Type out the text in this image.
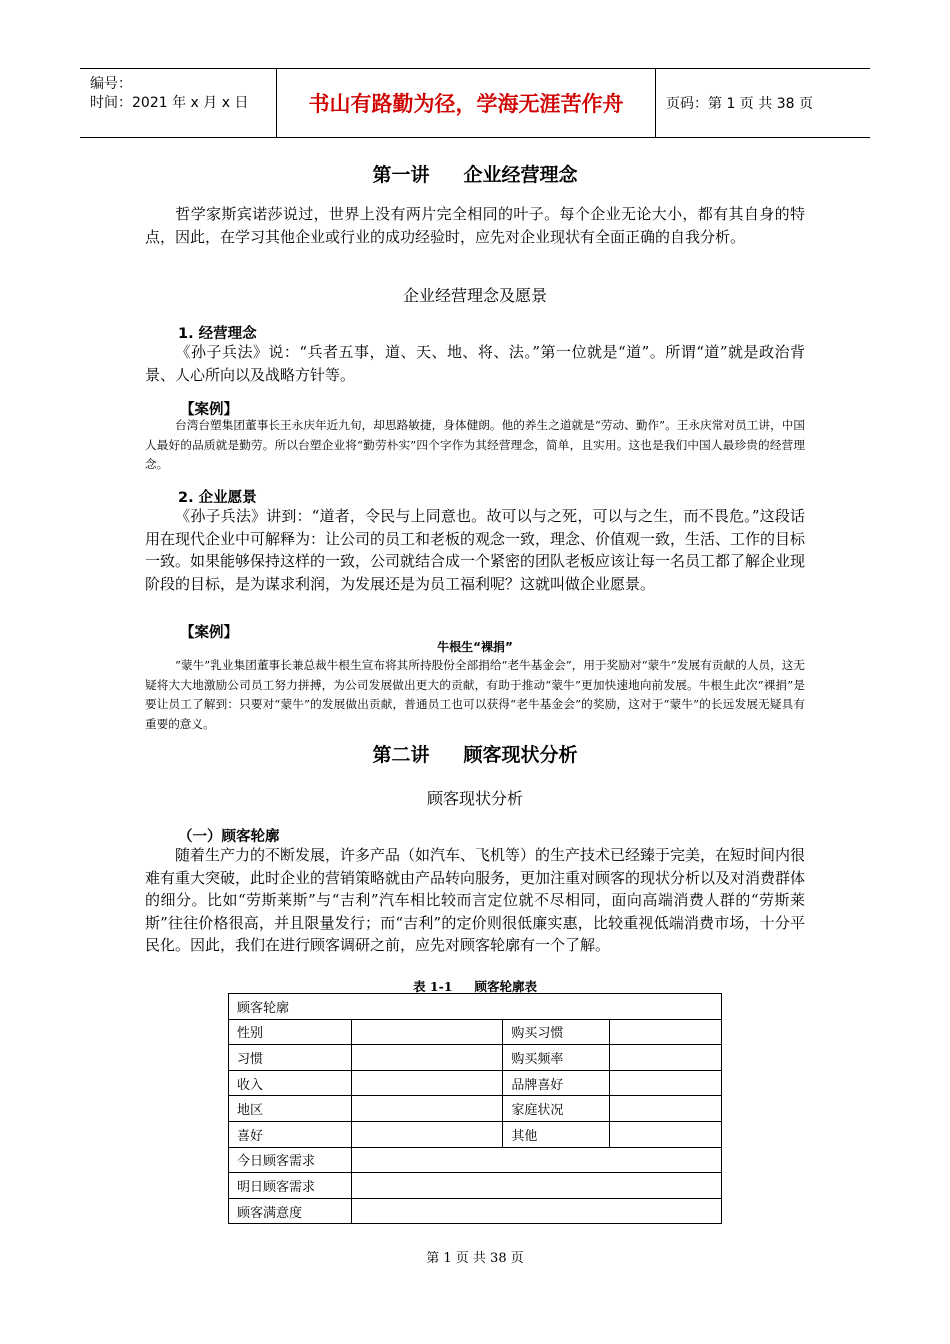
编号：
时间：2021 年 x 月 x 日	书山有路勤为径，学海无涯苦作舟	页码：第 1 页 共 38 页
第一讲 企业经营理念
哲学家斯宾诺莎说过，世界上没有两片完全相同的叶子。每个企业无论大小，都有其自身的特点，因此，在学习其他企业或行业的成功经验时，应先对企业现状有全面正确的自我分析。
企业经营理念及愿景
1. 经营理念
《孙子兵法》说：“兵者五事，道、天、地、将、法。”第一位就是“道”。所谓“道”就是政治背景、人心所向以及战略方针等。
【案例】
台湾台塑集团董事长王永庆年近九旬，却思路敏捷，身体健朗。他的养生之道就是“劳动、勤作”。王永庆常对员工讲，中国人最好的品质就是勤劳。所以台塑企业将“勤劳朴实”四个字作为其经营理念，简单，且实用。这也是我们中国人最珍贵的经营理念。
2. 企业愿景
《孙子兵法》讲到：“道者，令民与上同意也。故可以与之死，可以与之生，而不畏危。”这段话用在现代企业中可解释为：让公司的员工和老板的观念一致，理念、价值观一致，生活、工作的目标一致。如果能够保持这样的一致，公司就结合成一个紧密的团队老板应该让每一名员工都了解企业现阶段的目标，是为谋求利润，为发展还是为员工福利呢？这就叫做企业愿景。
【案例】
牛根生“裸捐”
“蒙牛”乳业集团董事长兼总裁牛根生宣布将其所持股份全部捐给“老牛基金会”，用于奖励对“蒙牛”发展有贡献的人员，这无疑将大大地激励公司员工努力拼搏，为公司发展做出更大的贡献，有助于推动“蒙牛”更加快速地向前发展。牛根生此次“裸捐”是要让员工了解到：只要对“蒙牛”的发展做出贡献，普通员工也可以获得“老牛基金会”的奖励，这对于“蒙牛”的长远发展无疑具有重要的意义。
第二讲 顾客现状分析
顾客现状分析
（一）顾客轮廓
随着生产力的不断发展，许多产品（如汽车、飞机等）的生产技术已经臻于完美，在短时间内很难有重大突破，此时企业的营销策略就由产品转向服务，更加注重对顾客的现状分析以及对消费群体的细分。比如“劳斯莱斯”与“吉利”汽车相比较而言定位就不尽相同，面向高端消费人群的“劳斯莱斯”往往价格很高，并且限量发行；而“吉利”的定价则很低廉实惠，比较重视低端消费市场，十分平民化。因此，我们在进行顾客调研之前，应先对顾客轮廓有一个了解。
表 1-1 顾客轮廓表
顾客轮廓			
性别		购买习惯	
习惯		购买频率	
收入		品牌喜好	
地区		家庭状况	
喜好		其他	
今日顾客需求			
明日顾客需求			
顾客满意度			
第 1 页 共 38 页
